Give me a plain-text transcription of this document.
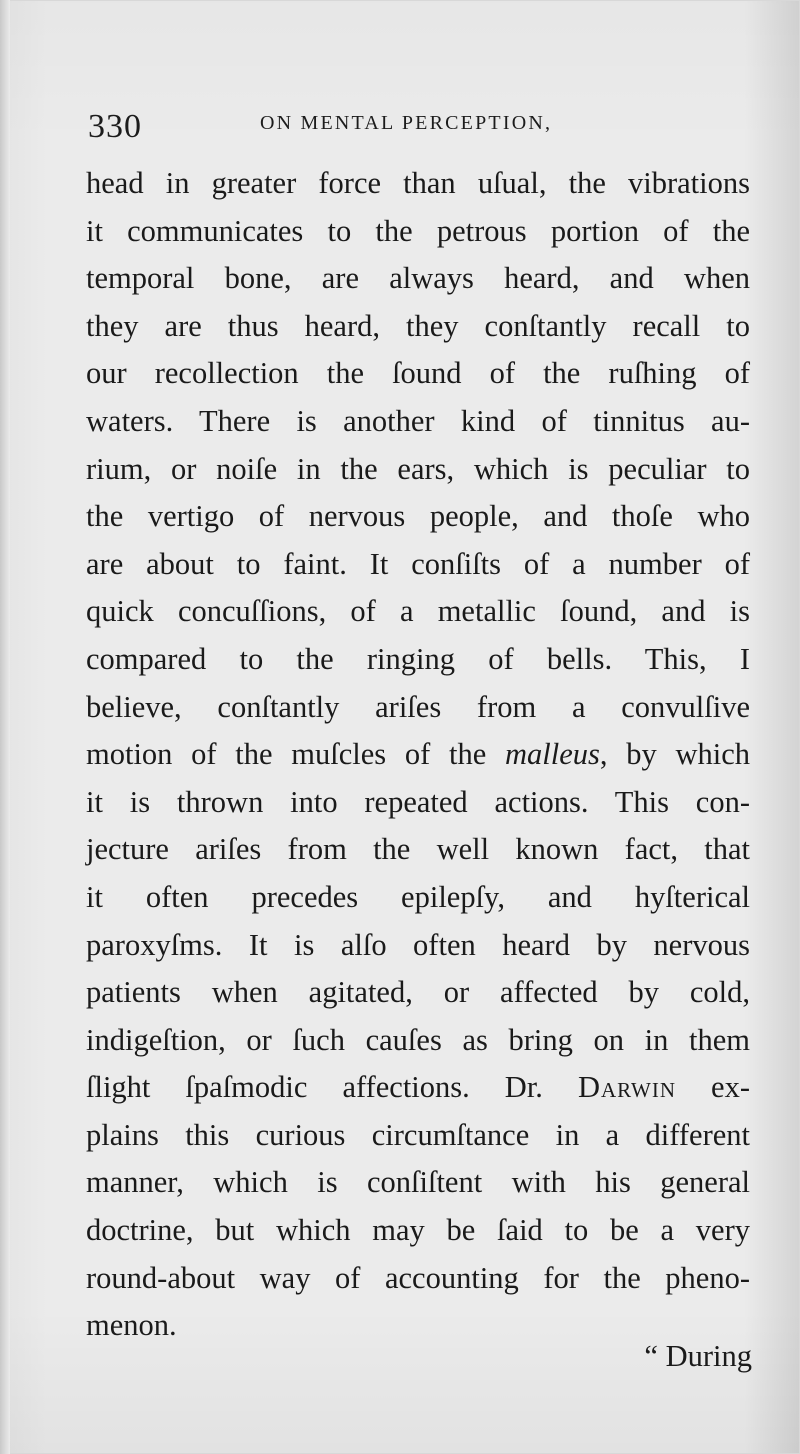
330	ON MENTAL PERCEPTION,
head in greater force than uſual, the vibrations
it communicates to the petrous portion of the
temporal bone, are always heard, and when
they are thus heard, they conſtantly recall to
our recollection the ſound of the ruſhing of
waters. There is another kind of tinnitus au-
rium, or noiſe in the ears, which is peculiar to
the vertigo of nervous people, and thoſe who
are about to faint. It conſiſts of a number of
quick concuſſions, of a metallic ſound, and is
compared to the ringing of bells. This, I
believe, conſtantly ariſes from a convulſive
motion of the muſcles of the malleus, by which
it is thrown into repeated actions. This con-
jecture ariſes from the well known fact, that
it often precedes epilepſy, and hyſterical
paroxyſms. It is alſo often heard by nervous
patients when agitated, or affected by cold,
indigeſtion, or ſuch cauſes as bring on in them
ſlight ſpaſmodic affections. Dr. Darwin ex-
plains this curious circumſtance in a different
manner, which is conſiſtent with his general
doctrine, but which may be ſaid to be a very
round-about way of accounting for the pheno-
menon.
“ During
